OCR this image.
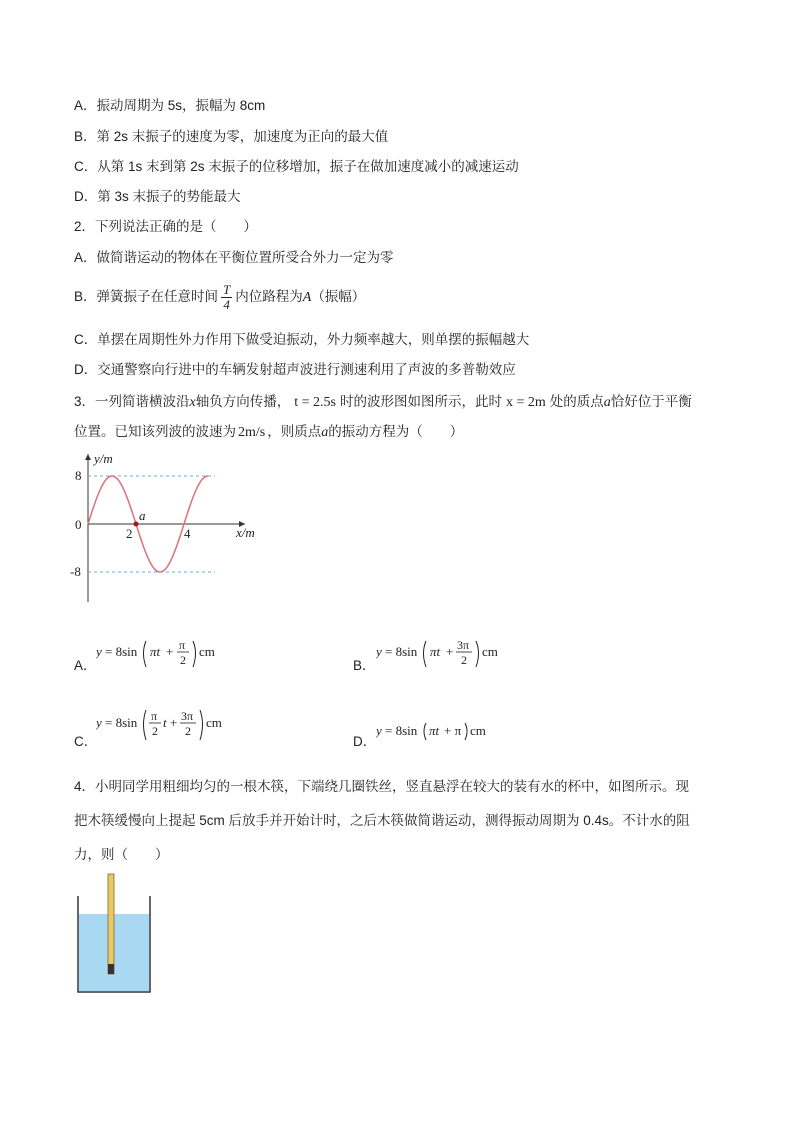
A．振动周期为 5s，振幅为 8cm
B．第 2s 末振子的速度为零，加速度为正向的最大值
C．从第 1s 末到第 2s 末振子的位移增加，振子在做加速度减小的减速运动
D．第 3s 末振子的势能最大
2．下列说法正确的是（　　）
A．做简谐运动的物体在平衡位置所受合外力一定为零
B．弹簧振子在任意时间 $\frac{T}{4}$ 内位路程为A（振幅）
C．单摆在周期性外力作用下做受迫振动，外力频率越大，则单摆的振幅越大
D．交通警察向行进中的车辆发射超声波进行测速利用了声波的多普勒效应
3．一列简谐横波沿x轴负方向传播， t = 2.5s 时的波形图如图所示，此时 x = 2m 处的质点a恰好位于平衡
位置。已知该列波的波速为 2m/s ，则质点a的振动方程为（　　）
a
y/m
x/m
8
0
-8
2	4
A．
y = 8sin πt + π
2
cm
B．
y = 8sin πt + 3π
2
cm
C．
y = 8sin π
2
t + 3π
2
cm
D．
y = 8sin πt + π cm
4．小明同学用粗细均匀的一根木筷，下端绕几圈铁丝，竖直悬浮在较大的装有水的杯中，如图所示。现
把木筷缓慢向上提起 5cm 后放手并开始计时，之后木筷做简谐运动，测得振动周期为 0.4s。不计水的阻
力，则（　　）
